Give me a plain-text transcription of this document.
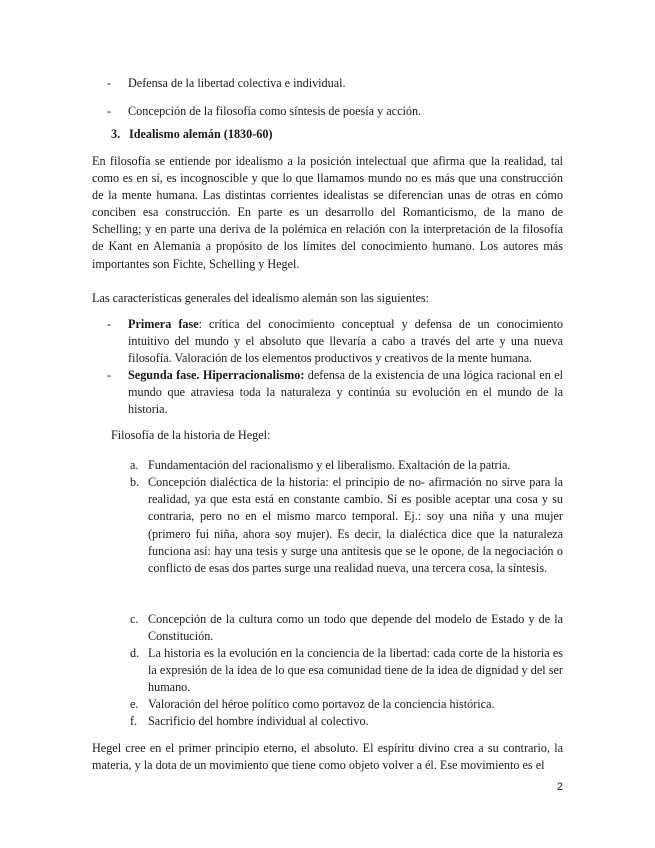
- Defensa de la libertad colectiva e individual.
- Concepción de la filosofía como síntesis de poesía y acción.
3. Idealismo alemán (1830-60)
En filosofía se entiende por idealismo a la posición intelectual que afirma que la realidad, tal como es en sí, es incognoscible y que lo que llamamos mundo no es más que una construcción de la mente humana. Las distintas corrientes idealistas se diferencian unas de otras en cómo conciben esa construcción. En parte es un desarrollo del Romanticismo, de la mano de Schelling; y en parte una deriva de la polémica en relación con la interpretación de la filosofía de Kant en Alemania a propósito de los límites del conocimiento humano. Los autores más importantes son Fichte, Schelling y Hegel.
Las características generales del idealismo alemán son las siguientes:
- Primera fase: crítica del conocimiento conceptual y defensa de un conocimiento intuitivo del mundo y el absoluto que llevaría a cabo a través del arte y una nueva filosofía. Valoración de los elementos productivos y creativos de la mente humana.
- Segunda fase. Hiperracionalismo: defensa de la existencia de una lógica racional en el mundo que atraviesa toda la naturaleza y continúa su evolución en el mundo de la historia.
Filosofía de la historia de Hegel:
a. Fundamentación del racionalismo y el liberalismo. Exaltación de la patria.
b. Concepción dialéctica de la historia: el principio de no- afirmación no sirve para la realidad, ya que esta está en constante cambio. Sí es posible aceptar una cosa y su contraria, pero no en el mismo marco temporal. Ej.: soy una niña y una mujer (primero fui niña, ahora soy mujer). Es decir, la dialéctica dice que la naturaleza funciona así: hay una tesis y surge una antítesis que se le opone, de la negociación o conflicto de esas dos partes surge una realidad nueva, una tercera cosa, la síntesis.
c. Concepción de la cultura como un todo que depende del modelo de Estado y de la Constitución.
d. La historia es la evolución en la conciencia de la libertad: cada corte de la historia es la expresión de la idea de lo que esa comunidad tiene de la idea de dignidad y del ser humano.
e. Valoración del héroe político como portavoz de la conciencia histórica.
f. Sacrificio del hombre individual al colectivo.
Hegel cree en el primer principio eterno, el absoluto. El espíritu divino crea a su contrario, la materia, y la dota de un movimiento que tiene como objeto volver a él. Ese movimiento es el
2
